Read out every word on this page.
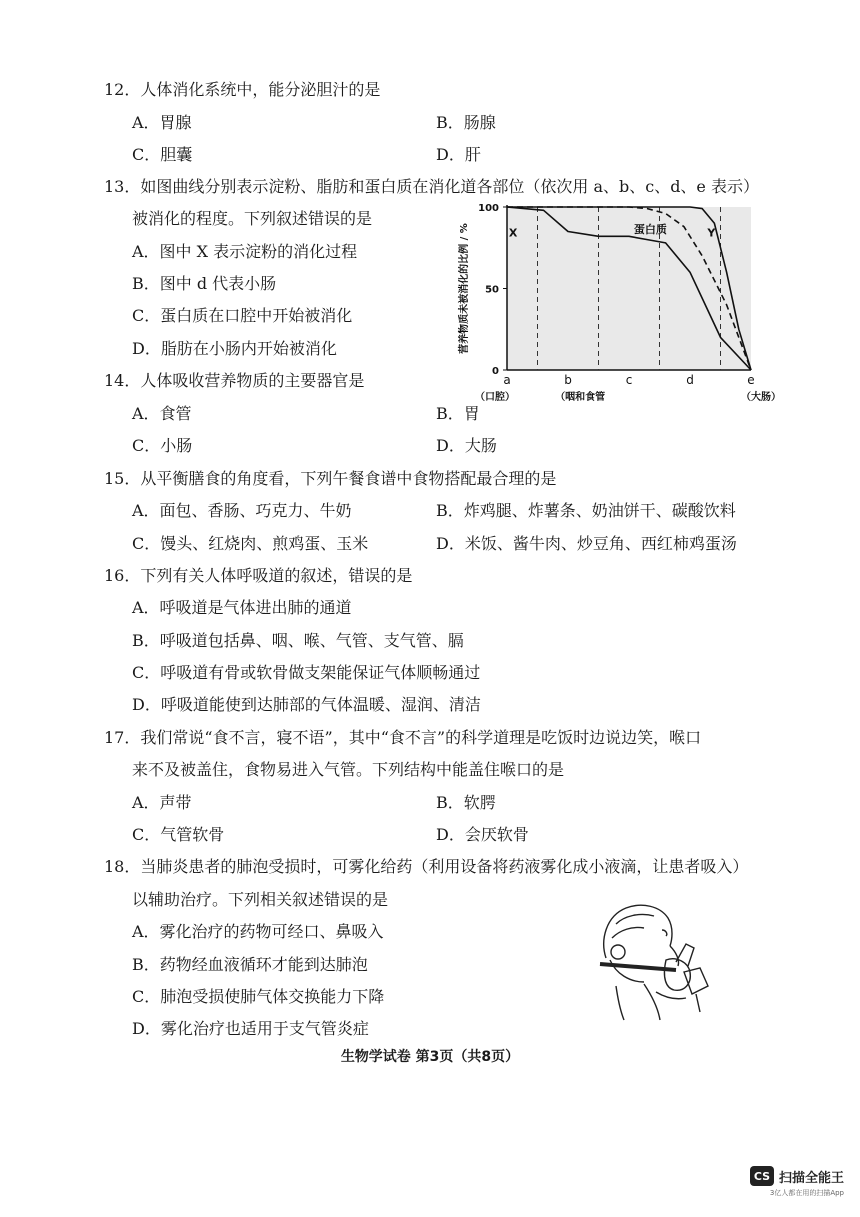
12．人体消化系统中，能分泌胆汁的是
A．胃腺	B．肠腺
C．胆囊	D．肝
13．如图曲线分别表示淀粉、脂肪和蛋白质在消化道各部位（依次用 a、b、c、d、e 表示）
被消化的程度。下列叙述错误的是
A．图中 X 表示淀粉的消化过程
B．图中 d 代表小肠
C．蛋白质在口腔中开始被消化
D．脂肪在小肠内开始被消化
100
50
0
营养物质未被消化的比例 / %
a	b	c	d	e
（口腔）	（咽和食管	（大肠）
X	蛋白质	Y
14．人体吸收营养物质的主要器官是
A．食管	B．胃
C．小肠	D．大肠
15．从平衡膳食的角度看，下列午餐食谱中食物搭配最合理的是
A．面包、香肠、巧克力、牛奶	B．炸鸡腿、炸薯条、奶油饼干、碳酸饮料
C．馒头、红烧肉、煎鸡蛋、玉米	D．米饭、酱牛肉、炒豆角、西红柿鸡蛋汤
16．下列有关人体呼吸道的叙述，错误的是
A．呼吸道是气体进出肺的通道
B．呼吸道包括鼻、咽、喉、气管、支气管、膈
C．呼吸道有骨或软骨做支架能保证气体顺畅通过
D．呼吸道能使到达肺部的气体温暖、湿润、清洁
17．我们常说“食不言，寝不语”，其中“食不言”的科学道理是吃饭时边说边笑，喉口
来不及被盖住，食物易进入气管。下列结构中能盖住喉口的是
A．声带	B．软腭
C．气管软骨	D．会厌软骨
18．当肺炎患者的肺泡受损时，可雾化给药（利用设备将药液雾化成小液滴，让患者吸入）
以辅助治疗。下列相关叙述错误的是
A．雾化治疗的药物可经口、鼻吸入
B．药物经血液循环才能到达肺泡
C．肺泡受损使肺气体交换能力下降
D．雾化治疗也适用于支气管炎症
生物学试卷 第3页（共8页）
CS 扫描全能王
3亿人都在用的扫描App
